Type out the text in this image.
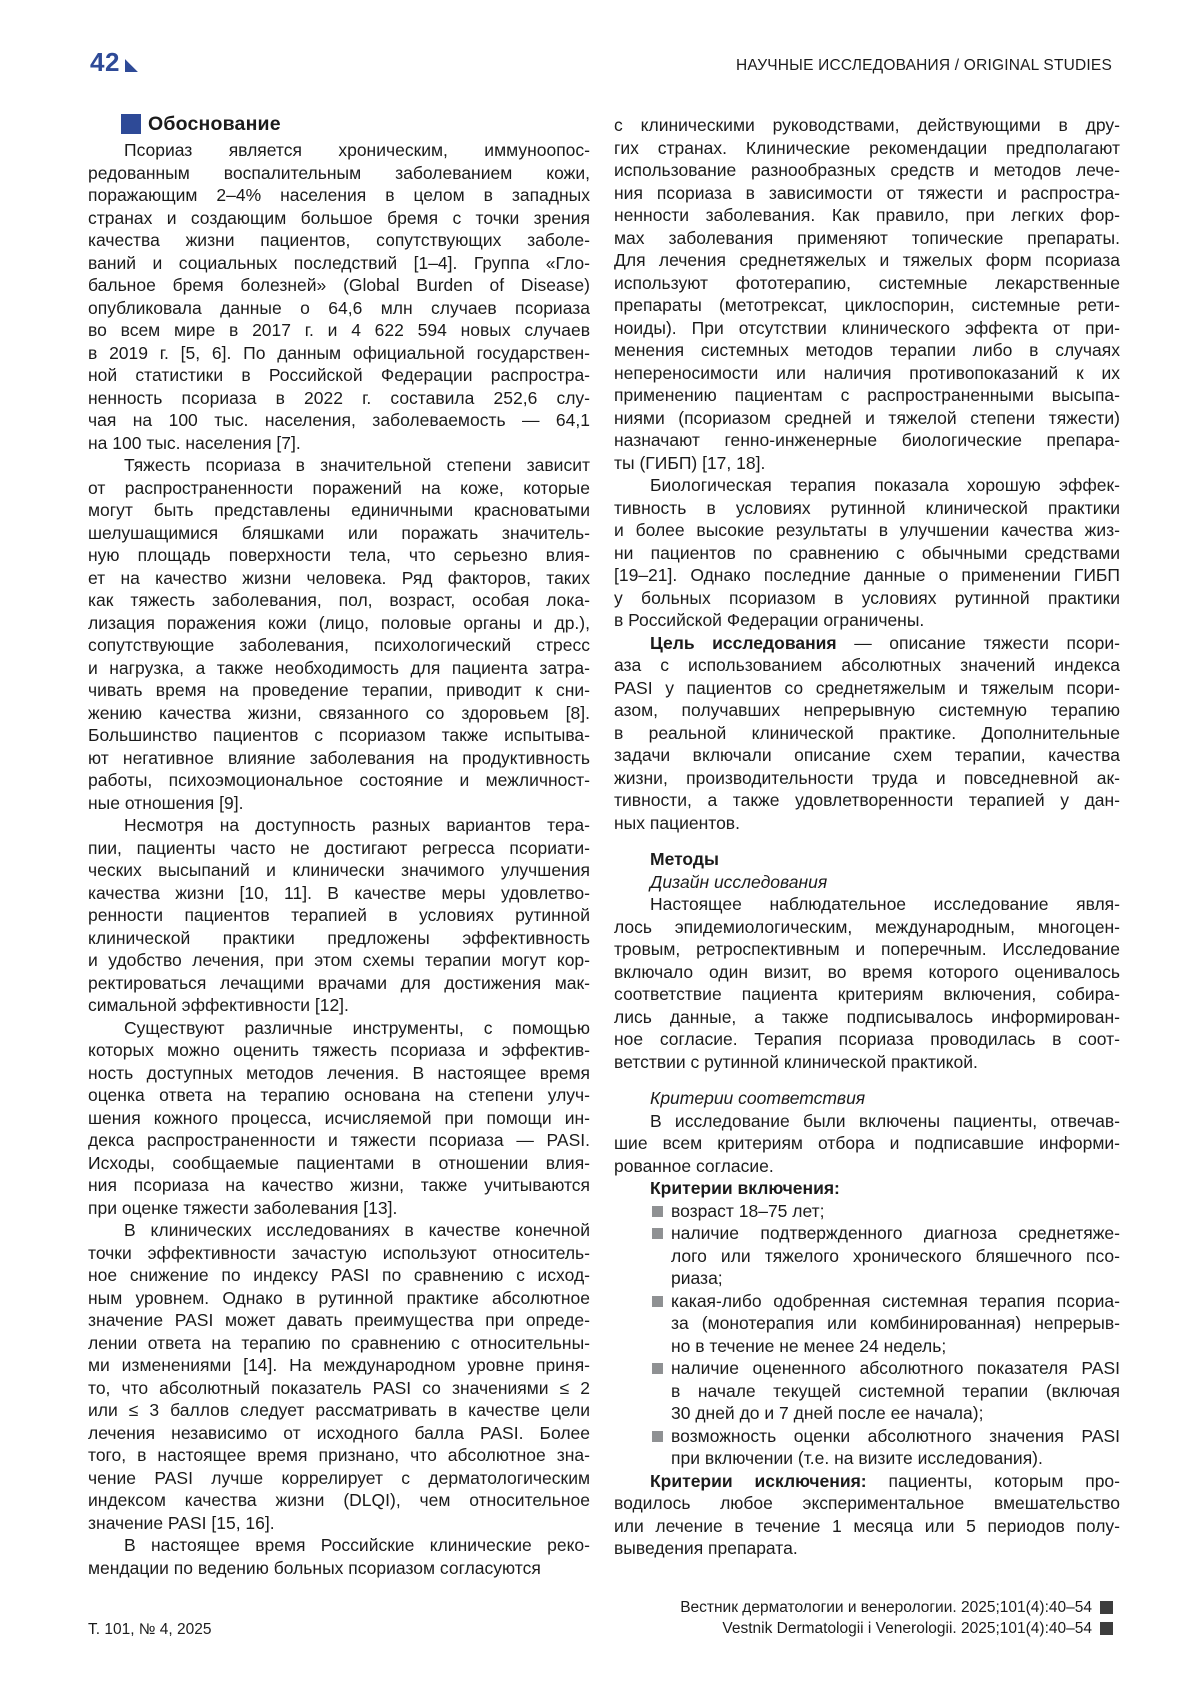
42	НАУЧНЫЕ ИССЛЕДОВАНИЯ / ORIGINAL STUDIES
Обоснование
Псориаз является хроническим, иммуноопос-
редованным воспалительным заболеванием кожи,
поражающим 2–4% населения в целом в западных
странах и создающим большое бремя с точки зрения
качества жизни пациентов, сопутствующих заболе-
ваний и социальных последствий [1–4]. Группа «Гло-
бальное бремя болезней» (Global Burden of Disease)
опубликовала данные о 64,6 млн случаев псориаза
во всем мире в 2017 г. и 4 622 594 новых случаев
в 2019 г. [5, 6]. По данным официальной государствен-
ной статистики в Российской Федерации распростра-
ненность псориаза в 2022 г. составила 252,6 слу-
чая на 100 тыс. населения, заболеваемость — 64,1
на 100 тыс. населения [7].
Тяжесть псориаза в значительной степени зависит
от распространенности поражений на коже, которые
могут быть представлены единичными красноватыми
шелушащимися бляшками или поражать значитель-
ную площадь поверхности тела, что серьезно влия-
ет на качество жизни человека. Ряд факторов, таких
как тяжесть заболевания, пол, возраст, особая лока-
лизация поражения кожи (лицо, половые органы и др.),
сопутствующие заболевания, психологический стресс
и нагрузка, а также необходимость для пациента затра-
чивать время на проведение терапии, приводит к сни-
жению качества жизни, связанного со здоровьем [8].
Большинство пациентов с псориазом также испытыва-
ют негативное влияние заболевания на продуктивность
работы, психоэмоциональное состояние и межличност-
ные отношения [9].
Несмотря на доступность разных вариантов тера-
пии, пациенты часто не достигают регресса псориати-
ческих высыпаний и клинически значимого улучшения
качества жизни [10, 11]. В качестве меры удовлетво-
ренности пациентов терапией в условиях рутинной
клинической практики предложены эффективность
и удобство лечения, при этом схемы терапии могут кор-
ректироваться лечащими врачами для достижения мак-
симальной эффективности [12].
Существуют различные инструменты, с помощью
которых можно оценить тяжесть псориаза и эффектив-
ность доступных методов лечения. В настоящее время
оценка ответа на терапию основана на степени улуч-
шения кожного процесса, исчисляемой при помощи ин-
декса распространенности и тяжести псориаза — PASI.
Исходы, сообщаемые пациентами в отношении влия-
ния псориаза на качество жизни, также учитываются
при оценке тяжести заболевания [13].
В клинических исследованиях в качестве конечной
точки эффективности зачастую используют относитель-
ное снижение по индексу PASI по сравнению с исход-
ным уровнем. Однако в рутинной практике абсолютное
значение PASI может давать преимущества при опреде-
лении ответа на терапию по сравнению с относительны-
ми изменениями [14]. На международном уровне приня-
то, что абсолютный показатель PASI со значениями ≤ 2
или ≤ 3 баллов следует рассматривать в качестве цели
лечения независимо от исходного балла PASI. Более
того, в настоящее время признано, что абсолютное зна-
чение PASI лучше коррелирует с дерматологическим
индексом качества жизни (DLQI), чем относительное
значение PASI [15, 16].
В настоящее время Российские клинические реко-
мендации по ведению больных псориазом согласуются
с клиническими руководствами, действующими в дру-
гих странах. Клинические рекомендации предполагают
использование разнообразных средств и методов лече-
ния псориаза в зависимости от тяжести и распростра-
ненности заболевания. Как правило, при легких фор-
мах заболевания применяют топические препараты.
Для лечения среднетяжелых и тяжелых форм псориаза
используют фототерапию, системные лекарственные
препараты (метотрексат, циклоспорин, системные рети-
ноиды). При отсутствии клинического эффекта от при-
менения системных методов терапии либо в случаях
непереносимости или наличия противопоказаний к их
применению пациентам с распространенными высыпа-
ниями (псориазом средней и тяжелой степени тяжести)
назначают генно-инженерные биологические препара-
ты (ГИБП) [17, 18].
Биологическая терапия показала хорошую эффек-
тивность в условиях рутинной клинической практики
и более высокие результаты в улучшении качества жиз-
ни пациентов по сравнению с обычными средствами
[19–21]. Однако последние данные о применении ГИБП
у больных псориазом в условиях рутинной практики
в Российской Федерации ограничены.
Цель исследования — описание тяжести псори-
аза с использованием абсолютных значений индекса
PASI у пациентов со среднетяжелым и тяжелым псори-
азом, получавших непрерывную системную терапию
в реальной клинической практике. Дополнительные
задачи включали описание схем терапии, качества
жизни, производительности труда и повседневной ак-
тивности, а также удовлетворенности терапией у дан-
ных пациентов.
Методы
Дизайн исследования
Настоящее наблюдательное исследование явля-
лось эпидемиологическим, международным, многоцен-
тровым, ретроспективным и поперечным. Исследование
включало один визит, во время которого оценивалось
соответствие пациента критериям включения, собира-
лись данные, а также подписывалось информирован-
ное согласие. Терапия псориаза проводилась в соот-
ветствии с рутинной клинической практикой.
Критерии соответствия
В исследование были включены пациенты, отвечав-
шие всем критериям отбора и подписавшие информи-
рованное согласие.
Критерии включения:
возраст 18–75 лет;
наличие подтвержденного диагноза среднетяже-
лого или тяжелого хронического бляшечного псо-
риаза;
какая-либо одобренная системная терапия псориа-
за (монотерапия или комбинированная) непрерыв-
но в течение не менее 24 недель;
наличие оцененного абсолютного показателя PASI
в начале текущей системной терапии (включая
30 дней до и 7 дней после ее начала);
возможность оценки абсолютного значения PASI
при включении (т.е. на визите исследования).
Критерии исключения: пациенты, которым про-
водилось любое экспериментальное вмешательство
или лечение в течение 1 месяца или 5 периодов полу-
выведения препарата.
Т. 101, № 4, 2025
Вестник дерматологии и венерологии. 2025;101(4):40–54
Vestnik Dermatologii i Venerologii. 2025;101(4):40–54
